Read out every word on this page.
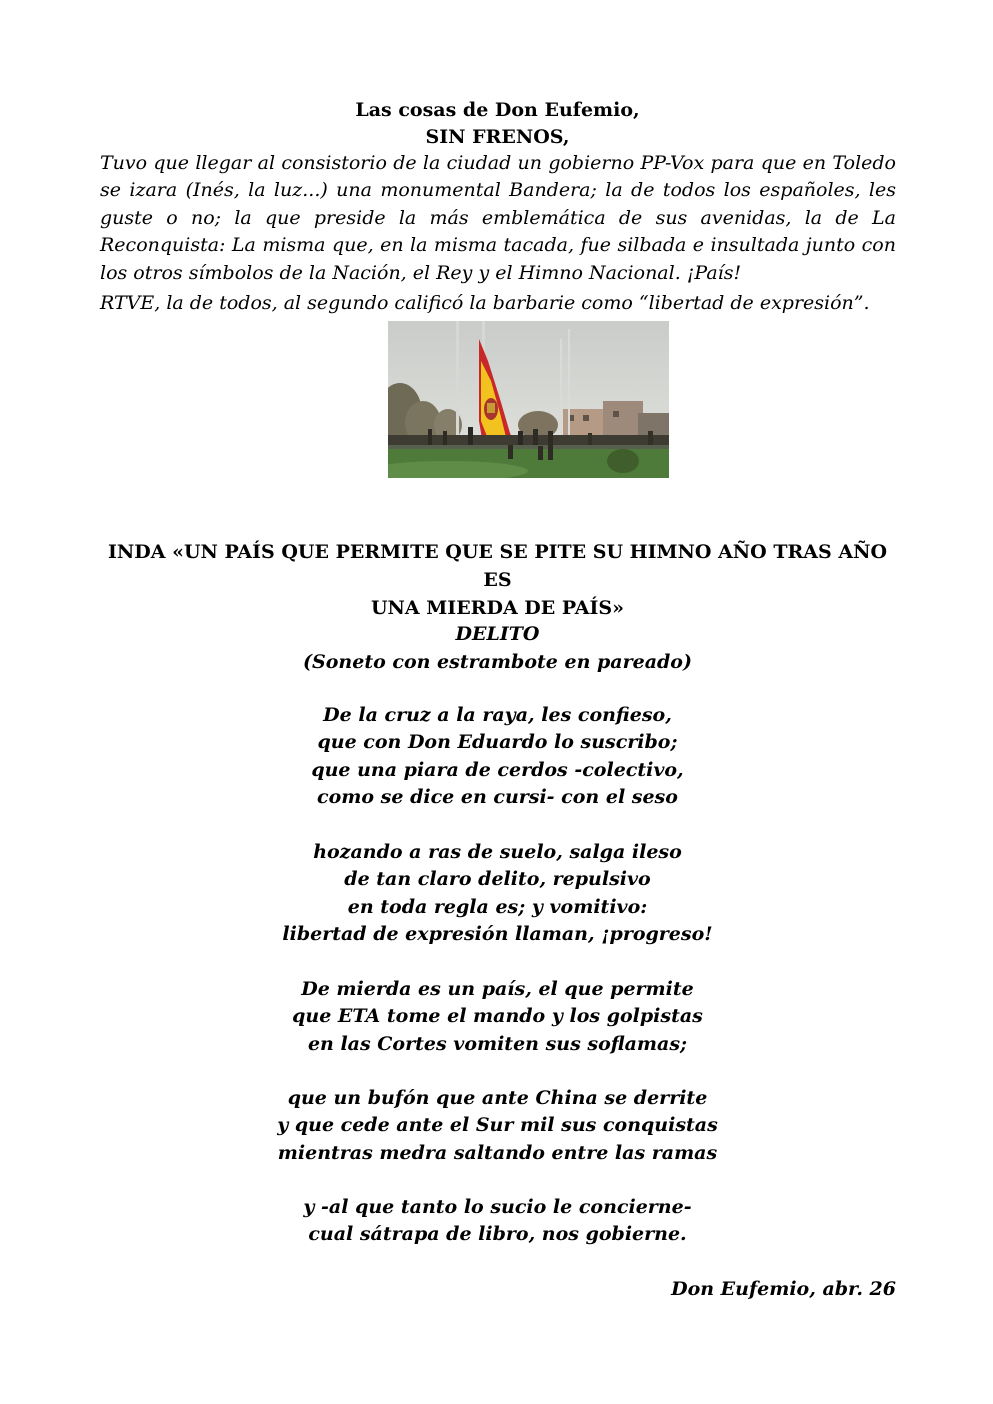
Las cosas de Don Eufemio,
SIN FRENOS,

Tuvo que llegar al consistorio de la ciudad un gobierno PP-Vox para que en Toledo se izara (Inés, la luz...) una monumental Bandera; la de todos los españoles, les guste o no; la que preside la más emblemática de sus avenidas, la de La Reconquista: La misma que, en la misma tacada, fue silbada e insultada junto con los otros símbolos de la Nación, el Rey y el Himno Nacional. ¡País!

RTVE, la de todos, al segundo calificó la barbarie como “libertad de expresión”.

INDA «UN PAÍS QUE PERMITE QUE SE PITE SU HIMNO AÑO TRAS AÑO ES
UNA MIERDA DE PAÍS»
DELITO
(Soneto con estrambote en pareado)
De la cruz a la raya, les confieso,
que con Don Eduardo lo suscribo;
que una piara de cerdos -colectivo,
como se dice en cursi- con el seso
hozando a ras de suelo, salga ileso
de tan claro delito, repulsivo
en toda regla es; y vomitivo:
libertad de expresión llaman, ¡progreso!
De mierda es un país, el que permite
que ETA tome el mando y los golpistas
en las Cortes vomiten sus soflamas;
que un bufón que ante China se derrite
y que cede ante el Sur mil sus conquistas
mientras medra saltando entre las ramas
y -al que tanto lo sucio le concierne-
cual sátrapa de libro, nos gobierne.
Don Eufemio, abr. 26
